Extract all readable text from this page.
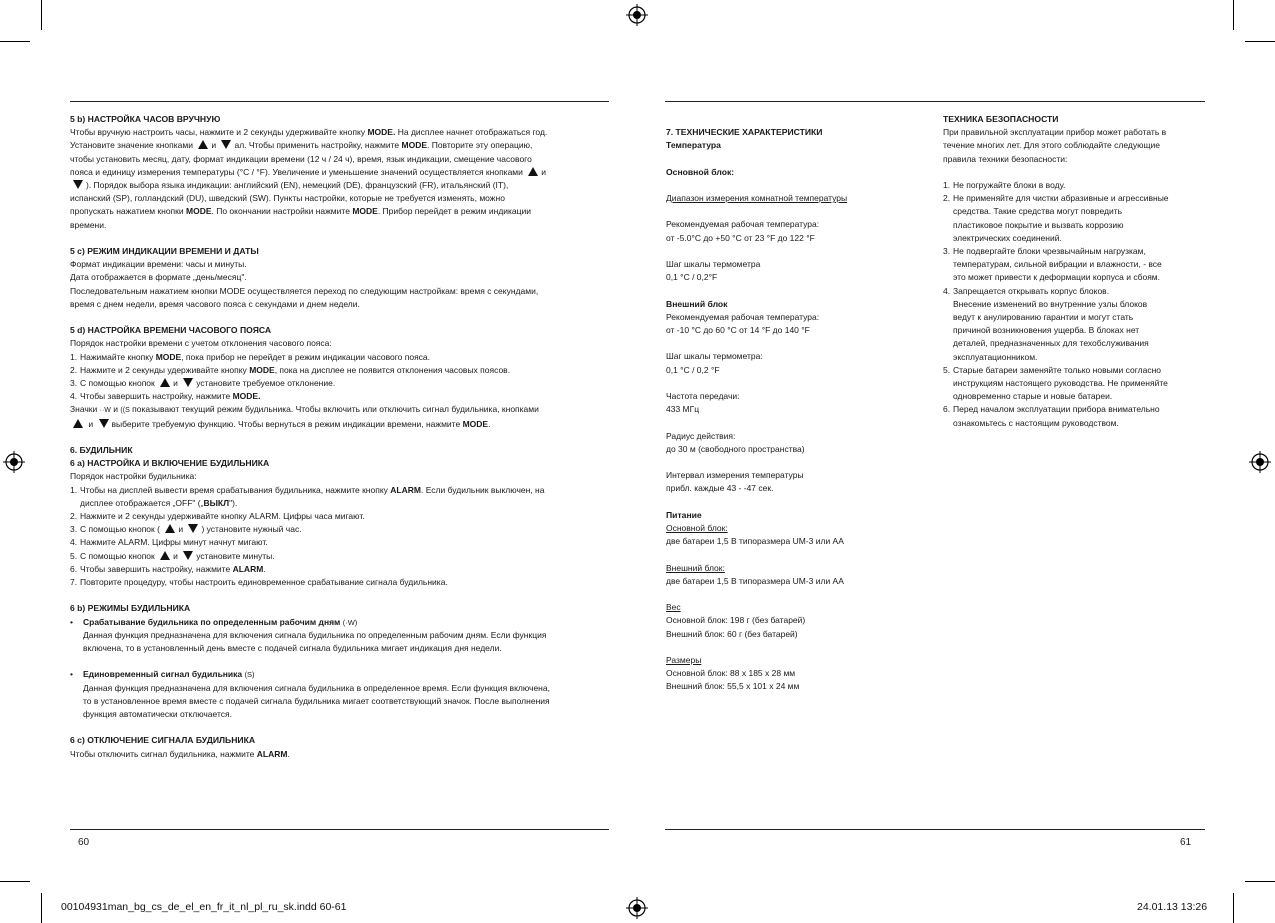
5 b) НАСТРОЙКА ЧАСОВ ВРУЧНУЮ

Чтобы вручную настроить часы, нажмите и 2 секунды удерживайте кнопку MODE. На дисплее начнет отображаться год.

Установите значение кнопками и ал. Чтобы применить настройку, нажмите MODE. Повторите эту операцию,

чтобы установить месяц, дату, формат индикации времени (12 ч / 24 ч), время, язык индикации, смещение часового

пояса и единицу измерения температуры (°C / °F). Увеличение и уменьшение значений осуществляется кнопками и

). Порядок выбора языка индикации: английский (EN), немецкий (DE), французский (FR), итальянский (IT),

испанский (SP), голландский (DU), шведский (SW). Пункты настройки, которые не требуется изменять, можно

пропускать нажатием кнопки MODE. По окончании настройки нажмите MODE. Прибор перейдет в режим индикации

времени.

5 c) РЕЖИМ ИНДИКАЦИИ ВРЕМЕНИ И ДАТЫ

Формат индикации времени: часы и минуты.

Дата отображается в формате „день/месяц".

Последовательным нажатием кнопки MODE осуществляется переход по следующим настройкам: время с секундами,

время с днем недели, время часового пояса с секундами и днем недели.

5 d) НАСТРОЙКА ВРЕМЕНИ ЧАСОВОГО ПОЯСА

Порядок настройки времени с учетом отклонения часового пояса:

1. Нажимайте кнопку MODE, пока прибор не перейдет в режим индикации часового пояса.
2. Нажмите и 2 секунды удерживайте кнопку MODE, пока на дисплее не появится отклонения часовых поясов.
3. С помощью кнопок и установите требуемое отклонение.
4. Чтобы завершить настройку, нажмите MODE.

Значки ··W и ((S показывают текущий режим будильника. Чтобы включить или отключить сигнал будильника, кнопками

и выберите требуемую функцию. Чтобы вернуться в режим индикации времени, нажмите MODE.

6. БУДИЛЬНИК
6 a) НАСТРОЙКА И ВКЛЮЧЕНИЕ БУДИЛЬНИКА

Порядок настройки будильника:

1. Чтобы на дисплей вывести время срабатывания будильника, нажмите кнопку ALARM. Если будильник выключен, на
дисплее отображается „OFF" („ВЫКЛ").
2. Нажмите и 2 секунды удерживайте кнопку ALARM. Цифры часа мигают.
3. С помощью кнопок ( и ) установите нужный час.
4. Нажмите ALARM. Цифры минут начнут мигают.
5. С помощью кнопок и установите минуты.
6. Чтобы завершить настройку, нажмите ALARM.
7. Повторите процедуру, чтобы настроить единовременное срабатывание сигнала будильника.
6 b) РЕЖИМЫ БУДИЛЬНИКА
•	Срабатывание будильника по определенным рабочим дням (·W)
Данная функция предназначена для включения сигнала будильника по определенным рабочим дням. Если функция
включена, то в установленный день вместе с подачей сигнала будильника мигает индикация дня недели.
•	Единовременный сигнал будильника (S)
Данная функция предназначена для включения сигнала будильника в определенное время. Если функция включена,
то в установленное время вместе с подачей сигнала будильника мигает соответствующий значок. После выполнения
функция автоматически отключается.
6 c) ОТКЛЮЧЕНИЕ СИГНАЛА БУДИЛЬНИКА

Чтобы отключить сигнал будильника, нажмите ALARM.

7. ТЕХНИЧЕСКИЕ ХАРАКТЕРИСТИКИ
Температура
Основной блок:

Диапазон измерения комнатной температуры

Рекомендуемая рабочая температура:

от -5.0°C до +50 °C от 23 °F до 122 °F

Шаг шкалы термометра

0,1 °C / 0,2°F

Внешний блок

Рекомендуемая рабочая температура:

от -10 °C до 60 °C от 14 °F до 140 °F

Шаг шкалы термометра:

0,1 °C / 0,2 °F

Частота передачи:

433 МГц

Радиус действия:

до 30 м (свободного пространства)

Интервал измерения температуры

прибл. каждые 43 - -47 сек.

Питание

Основной блок:

две батареи 1,5 В типоразмера UM-3 или АА

Внешний блок:

две батареи 1,5 В типоразмера UM-3 или АА

Вес

Основной блок: 198 г (без батарей)

Внешний блок: 60 г (без батарей)

Размеры

Основной блок: 88 x 185 x 28 мм

Внешний блок: 55,5 x 101 x 24 мм

ТЕХНИКА БЕЗОПАСНОСТИ

При правильной эксплуатации прибор может работать в

течение многих лет. Для этого соблюдайте следующие

правила техники безопасности:

1. Не погружайте блоки в воду.
2. Не применяйте для чистки абразивные и агрессивные
средства. Такие средства могут повредить
пластиковое покрытие и вызвать коррозию
электрических соединений.
3. Не подвергайте блоки чрезвычайным нагрузкам,
температурам, сильной вибрации и влажности, - все
это может привести к деформации корпуса и сбоям.
4. Запрещается открывать корпус блоков.
Внесение изменений во внутренние узлы блоков
ведут к анулированию гарантии и могут стать
причиной возникновения ущерба. В блоках нет
деталей, предназначенных для техобслуживания
эксплуатационником.
5. Старые батареи заменяйте только новыми согласно
инструкциям настоящего руководства. Не применяйте
одновременно старые и новые батареи.
6. Перед началом эксплуатации прибора внимательно
ознакомьтесь с настоящим руководством.
60	61
00104931man_bg_cs_de_el_en_fr_it_nl_pl_ru_sk.indd 60-61	24.01.13 13:26
